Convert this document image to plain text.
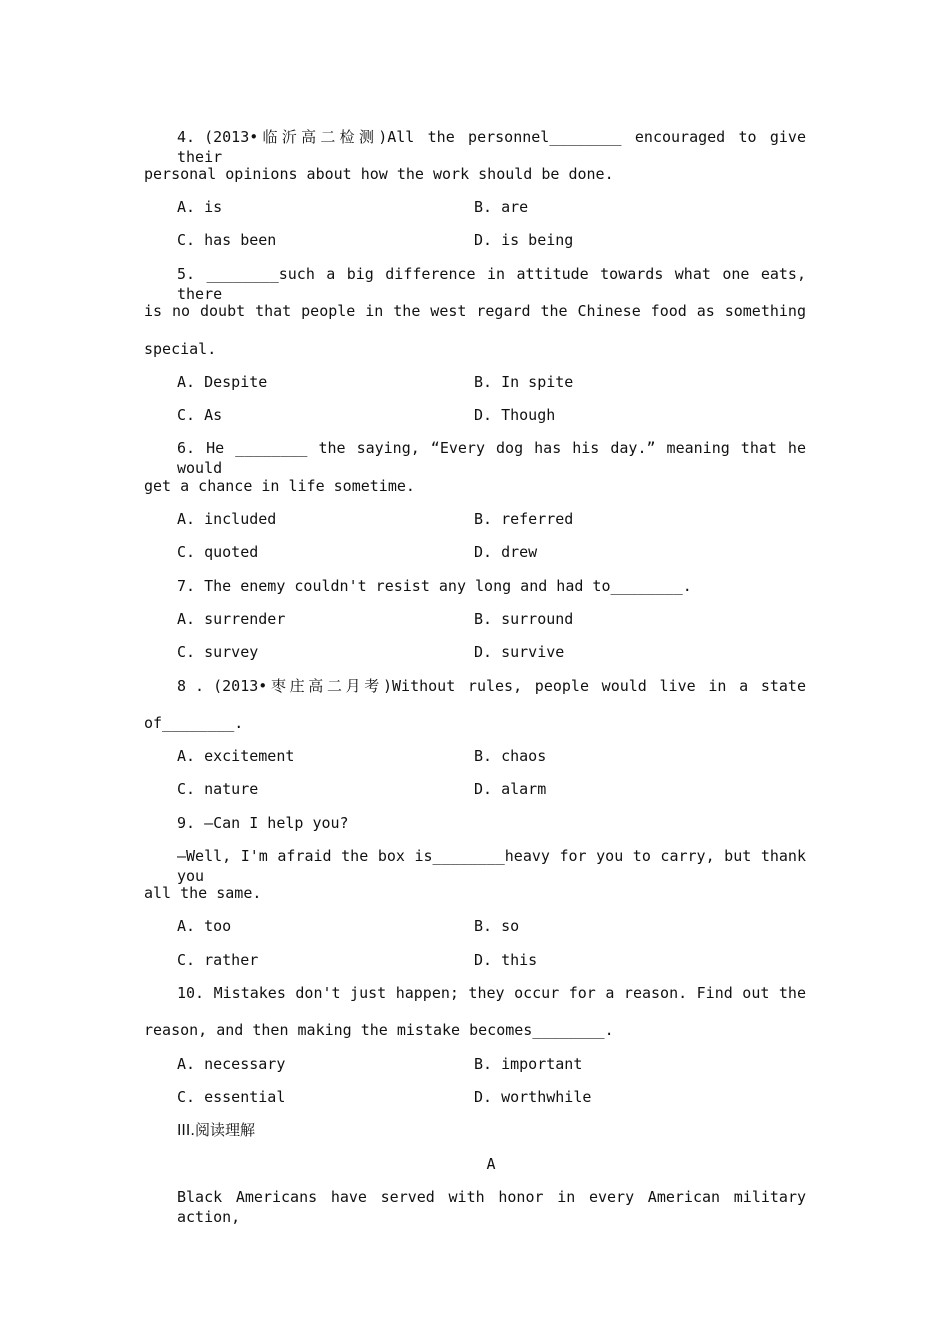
4. (2013•临沂高二检测)All the personnel________ encouraged to give their
personal opinions about how the work should be done.
A. is	B. are
C. has been	D. is being
5. ________such a big difference in attitude towards what one eats, there
is no doubt that people in the west regard the Chinese food as something
special.
A. Despite	B. In spite
C. As	D. Though
6. He ________ the saying, “Every dog has his day.” meaning that he would
get a chance in life sometime.
A. included	B. referred
C. quoted	D. drew
7. The enemy couldn't resist any long and had to________.
A. surrender	B. surround
C. survey	D. survive
8 . (2013•枣庄高二月考)Without rules, people would live in a state
of________.
A. excitement	B. chaos
C. nature	D. alarm
9. —Can I help you?
—Well, I'm afraid the box is________heavy for you to carry, but thank you
all the same.
A. too	B. so
C. rather	D. this
10. Mistakes don't just happen; they occur for a reason. Find out the
reason, and then making the mistake becomes________.
A. necessary	B. important
C. essential	D. worthwhile
III.阅读理解
A
Black Americans have served with honor in every American military action,
